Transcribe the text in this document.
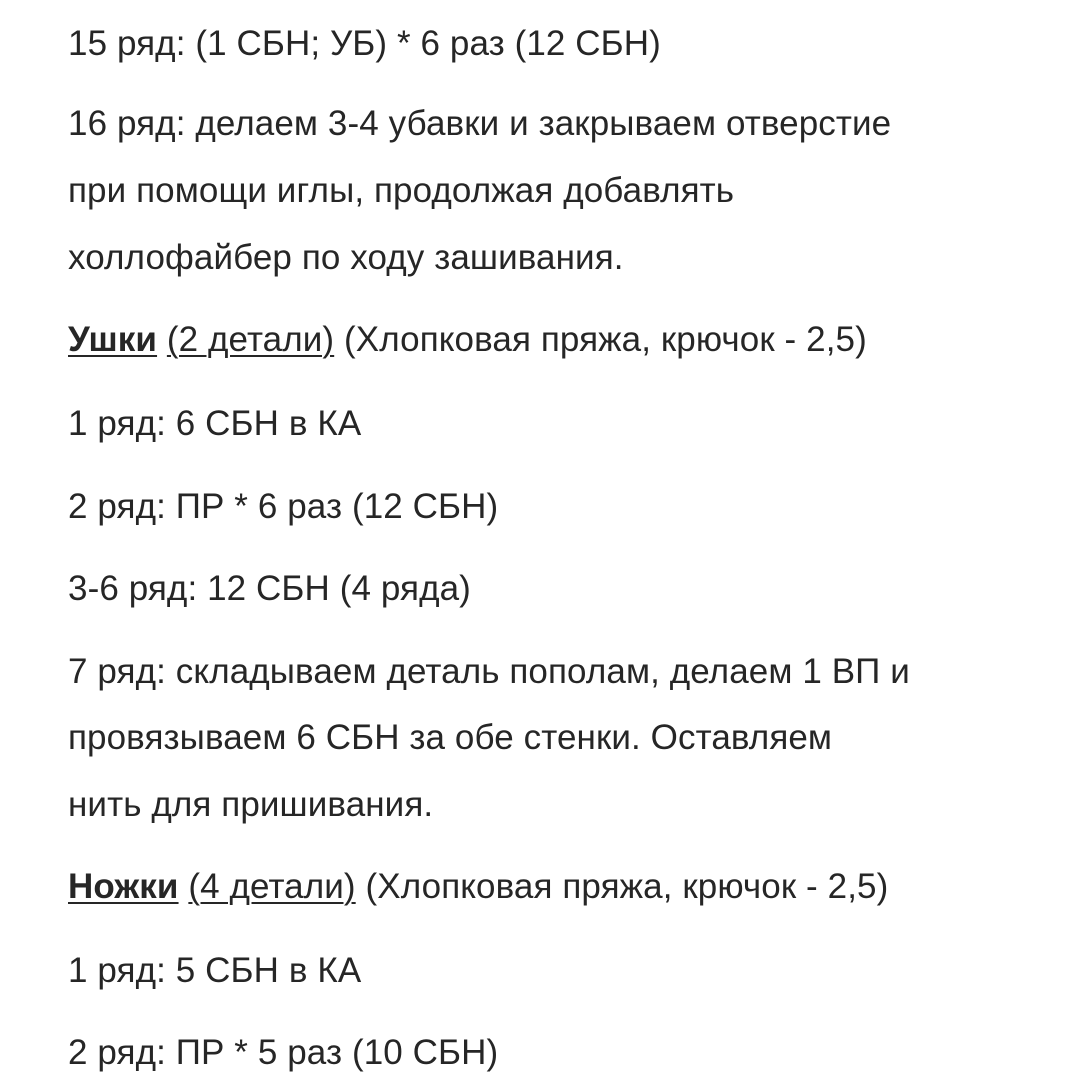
15 ряд: (1 СБН; УБ) * 6 раз (12 СБН)

16 ряд: делаем 3-4 убавки и закрываем отверстие

при помощи иглы, продолжая добавлять

холлофайбер по ходу зашивания.

Ушки (2 детали) (Хлопковая пряжа, крючок - 2,5)

1 ряд: 6 СБН в КА

2 ряд: ПР * 6 раз (12 СБН)

3-6 ряд: 12 СБН (4 ряда)

7 ряд: складываем деталь пополам, делаем 1 ВП и

провязываем 6 СБН за обе стенки. Оставляем

нить для пришивания.

Ножки (4 детали) (Хлопковая пряжа, крючок - 2,5)

1 ряд: 5 СБН в КА

2 ряд: ПР * 5 раз (10 СБН)
